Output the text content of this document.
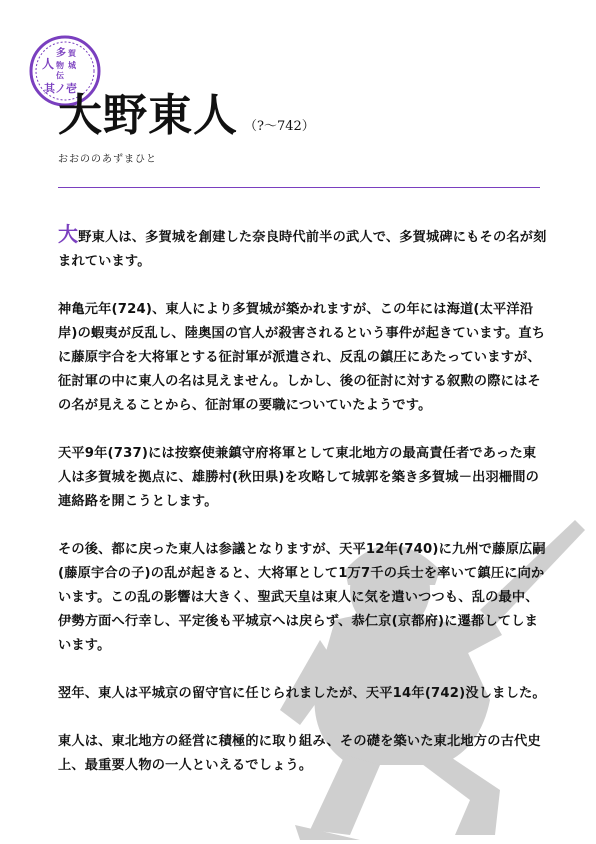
多 賀
人 物 城
伝
其ノ壱
大野東人 （?～742）
おおののあずまひと

大野東人は、多賀城を創建した奈良時代前半の武人で、多賀城碑にもその名が刻まれています。

神亀元年(724)、東人により多賀城が築かれますが、この年には海道(太平洋沿岸)の蝦夷が反乱し、陸奥国の官人が殺害されるという事件が起きています。直ちに藤原宇合を大将軍とする征討軍が派遣され、反乱の鎮圧にあたっていますが、征討軍の中に東人の名は見えません。しかし、後の征討に対する叙勲の際にはその名が見えることから、征討軍の要職についていたようです。

天平9年(737)には按察使兼鎮守府将軍として東北地方の最高責任者であった東人は多賀城を拠点に、雄勝村(秋田県)を攻略して城郭を築き多賀城－出羽柵間の連絡路を開こうとします。

その後、都に戻った東人は参議となりますが、天平12年(740)に九州で藤原広嗣(藤原宇合の子)の乱が起きると、大将軍として1万7千の兵士を率いて鎮圧に向かいます。この乱の影響は大きく、聖武天皇は東人に気を遣いつつも、乱の最中、伊勢方面へ行幸し、平定後も平城京へは戻らず、恭仁京(京都府)に遷都してしまいます。

翌年、東人は平城京の留守官に任じられましたが、天平14年(742)没しました。

東人は、東北地方の経営に積極的に取り組み、その礎を築いた東北地方の古代史上、最重要人物の一人といえるでしょう。
